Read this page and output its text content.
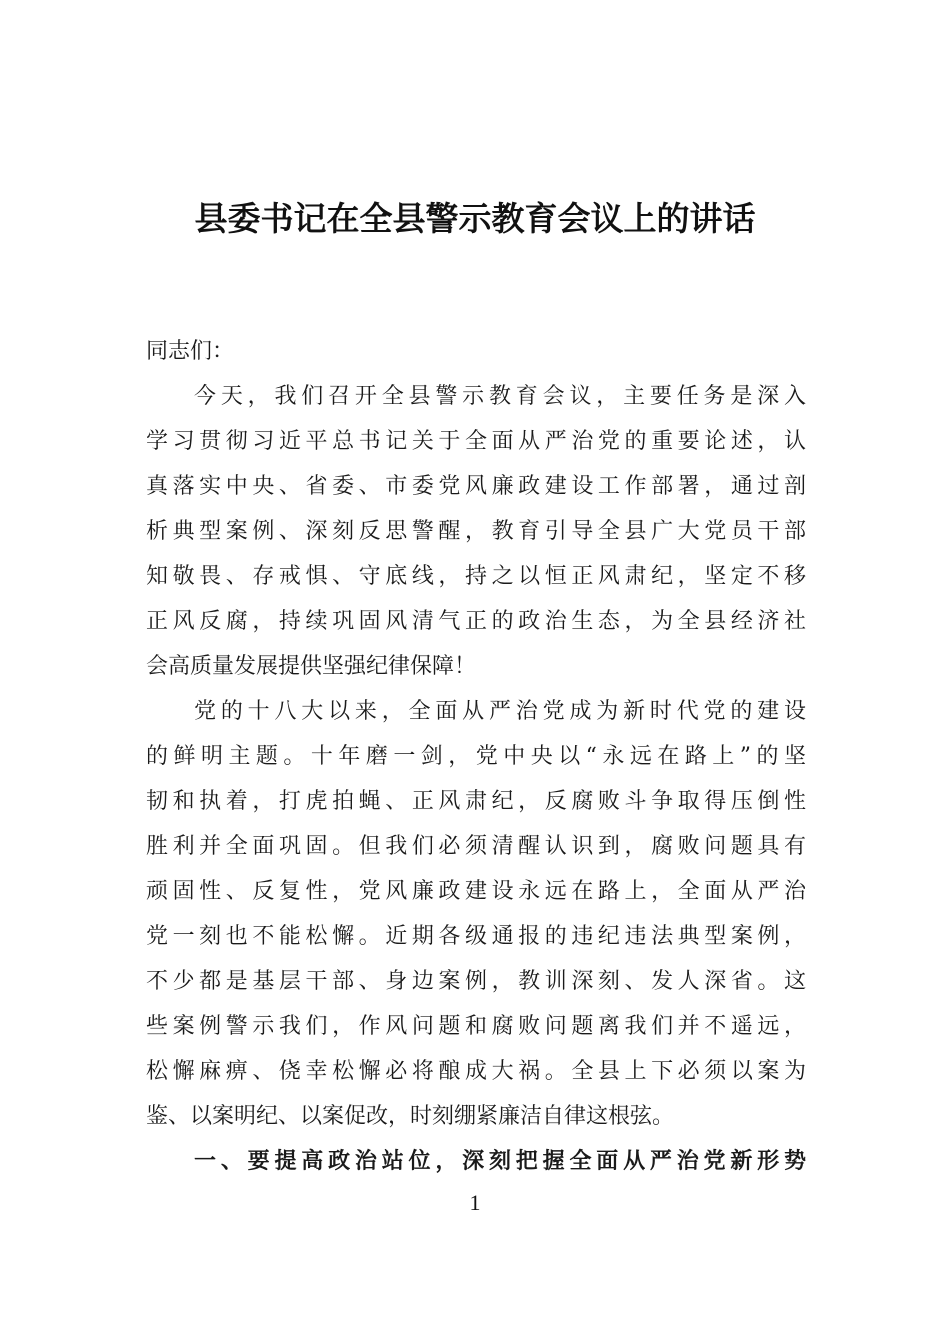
县委书记在全县警示教育会议上的讲话
同志们：
今天，我们召开全县警示教育会议，主要任务是深入
学习贯彻习近平总书记关于全面从严治党的重要论述，认
真落实中央、省委、市委党风廉政建设工作部署，通过剖
析典型案例、深刻反思警醒，教育引导全县广大党员干部
知敬畏、存戒惧、守底线，持之以恒正风肃纪，坚定不移
正风反腐，持续巩固风清气正的政治生态，为全县经济社
会高质量发展提供坚强纪律保障！
党的十八大以来，全面从严治党成为新时代党的建设
的鲜明主题。十年磨一剑，党中央以“永远在路上”的坚
韧和执着，打虎拍蝇、正风肃纪，反腐败斗争取得压倒性
胜利并全面巩固。但我们必须清醒认识到，腐败问题具有
顽固性、反复性，党风廉政建设永远在路上，全面从严治
党一刻也不能松懈。近期各级通报的违纪违法典型案例，
不少都是基层干部、身边案例，教训深刻、发人深省。这
些案例警示我们，作风问题和腐败问题离我们并不遥远，
松懈麻痹、侥幸松懈必将酿成大祸。全县上下必须以案为
鉴、以案明纪、以案促改，时刻绷紧廉洁自律这根弦。
一、要提高政治站位，深刻把握全面从严治党新形势
1
